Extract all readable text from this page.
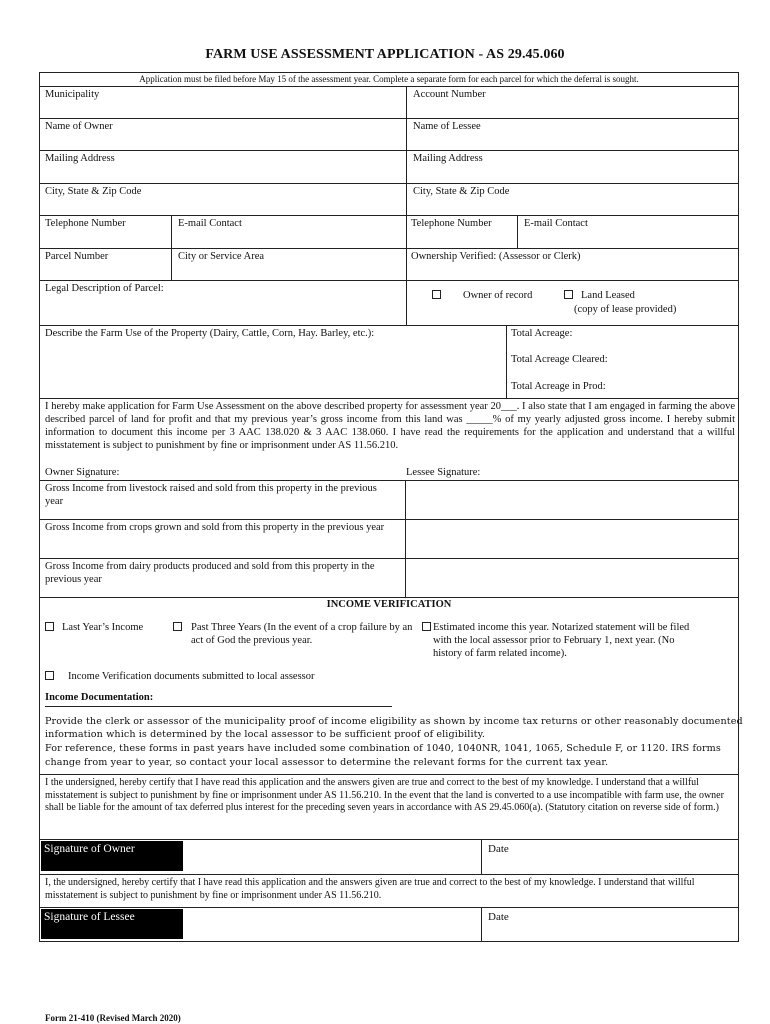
FARM USE ASSESSMENT APPLICATION - AS 29.45.060
Application must be filed before May 15 of the assessment year. Complete a separate form for each parcel for which the deferral is sought.
Municipality	Account Number
Name of Owner	Name of Lessee
Mailing Address	Mailing Address
City, State & Zip Code	City, State & Zip Code
Telephone Number	E-mail Contact	Telephone Number	E-mail Contact
Parcel Number	City or Service Area	Ownership Verified: (Assessor or Clerk)
Legal Description of Parcel:
Owner of record	Land Leased
(copy of lease provided)
Describe the Farm Use of the Property (Dairy, Cattle, Corn, Hay. Barley, etc.):	Total Acreage:
Total Acreage Cleared:
Total Acreage in Prod:
I hereby make application for Farm Use Assessment on the above described property for assessment year 20___. I also state that I am engaged in farming the above described parcel of land for profit and that my previous year’s gross income from this land was _____% of my yearly adjusted gross income. I hereby submit information to document this income per 3 AAC 138.020 & 3 AAC 138.060. I have read the requirements for the application and understand that a willful misstatement is subject to punishment by fine or imprisonment under AS 11.56.210.
Owner Signature:	Lessee Signature:
Gross Income from livestock raised and sold from this property in the previous year
Gross Income from crops grown and sold from this property in the previous year
Gross Income from dairy products produced and sold from this property in the previous year
INCOME VERIFICATION
Last Year’s Income	Past Three Years (In the event of a crop failure by an act of God the previous year.
Estimated income this year. Notarized statement will be filed with the local assessor prior to February 1, next year. (No history of farm related income).
Income Verification documents submitted to local assessor
Income Documentation:
Provide the clerk or assessor of the municipality proof of income eligibility as shown by income tax returns or other reasonably documented
information which is determined by the local assessor to be sufficient proof of eligibility.
For reference, these forms in past years have included some combination of 1040, 1040NR, 1041, 1065, Schedule F, or 1120. IRS forms
change from year to year, so contact your local assessor to determine the relevant forms for the current tax year.
I the undersigned, hereby certify that I have read this application and the answers given are true and correct to the best of my knowledge. I understand that a willful misstatement is subject to punishment by fine or imprisonment under AS 11.56.210. In the event that the land is converted to a use incompatible with farm use, the owner shall be liable for the amount of tax deferred plus interest for the preceding seven years in accordance with AS 29.45.060(a). (Statutory citation on reverse side of form.)
Signature of Owner	Date
I, the undersigned, hereby certify that I have read this application and the answers given are true and correct to the best of my knowledge. I understand that willful misstatement is subject to punishment by fine or imprisonment under AS 11.56.210.
Signature of Lessee	Date
Form 21-410 (Revised March 2020)
